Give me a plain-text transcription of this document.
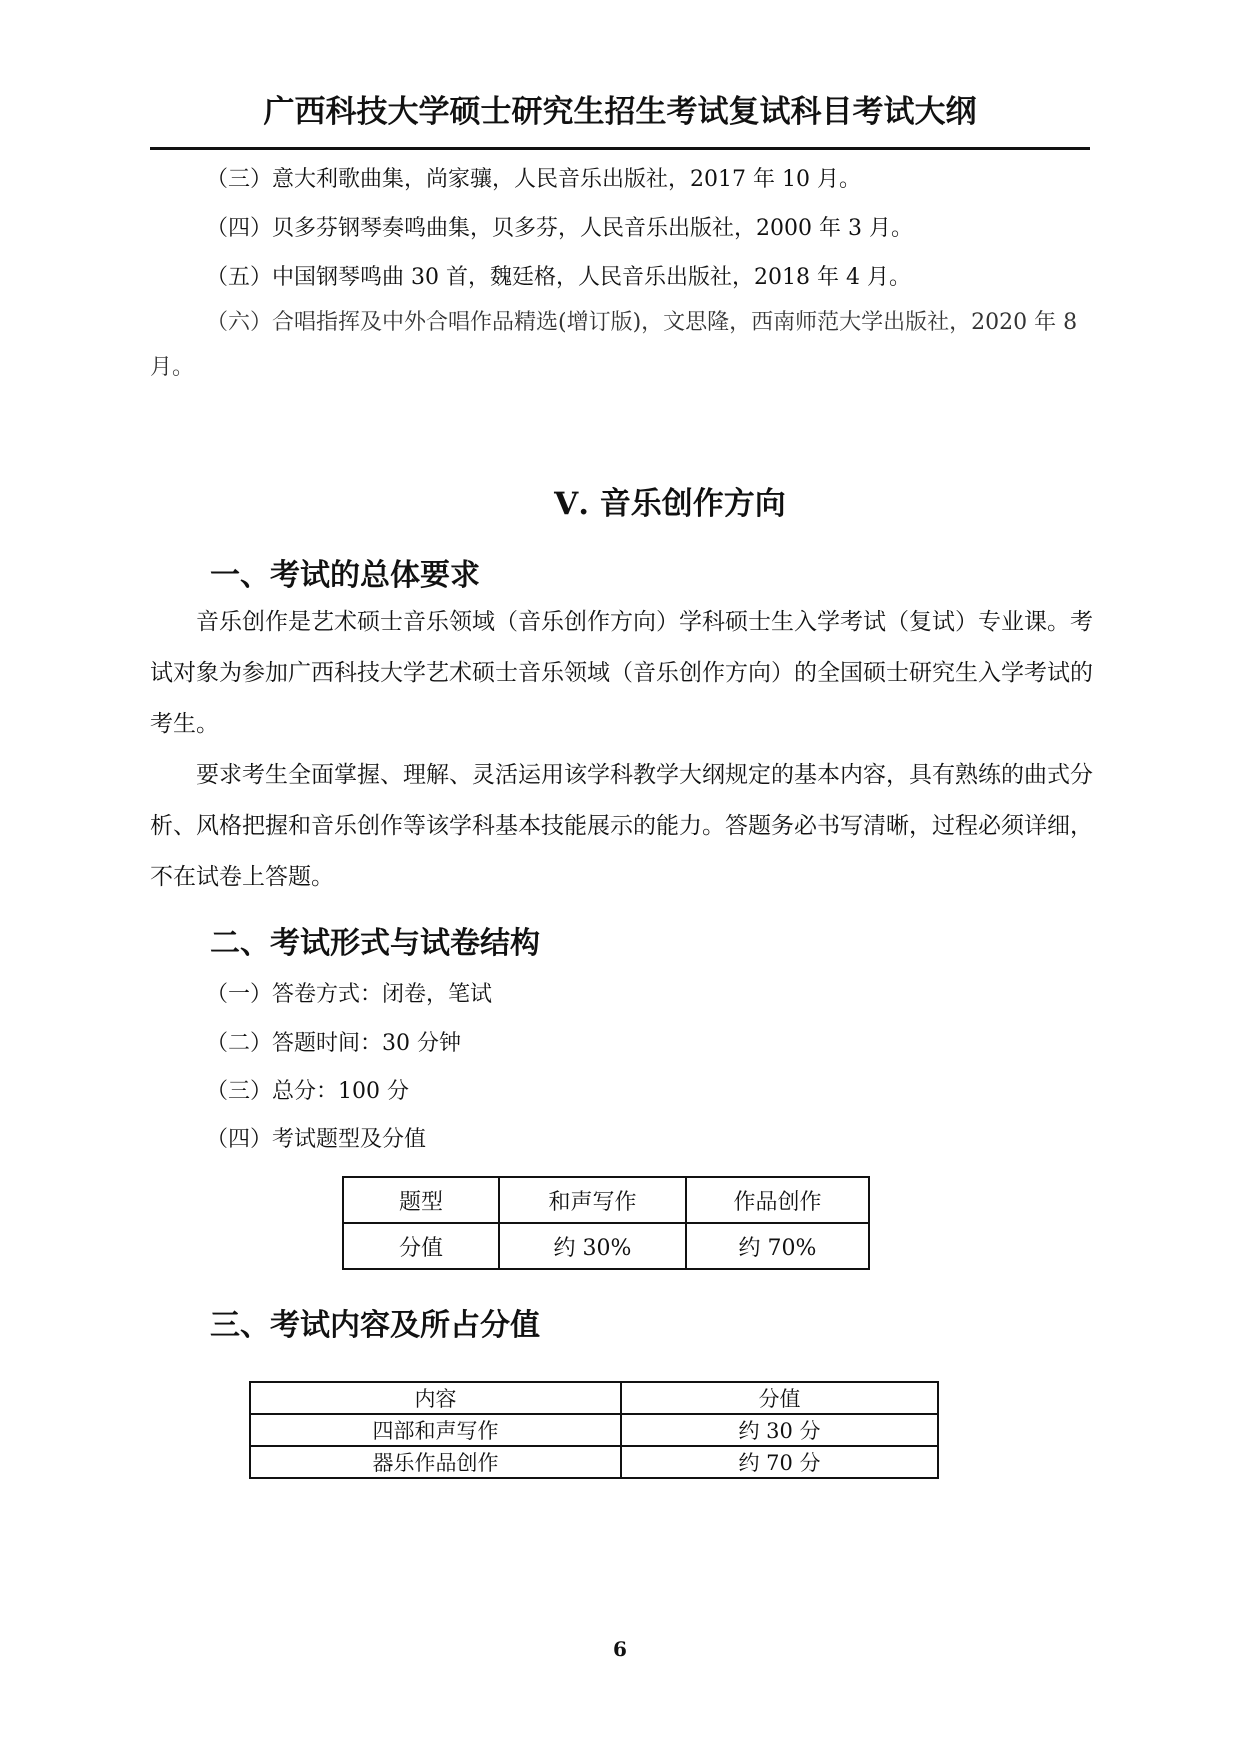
广西科技大学硕士研究生招生考试复试科目考试大纲
（三）意大利歌曲集，尚家骧，人民音乐出版社，2017 年 10 月。
（四）贝多芬钢琴奏鸣曲集，贝多芬，人民音乐出版社，2000 年 3 月。
（五）中国钢琴鸣曲 30 首，魏廷格，人民音乐出版社，2018 年 4 月。
（六）合唱指挥及中外合唱作品精选(增订版)，文思隆，西南师范大学出版社，2020 年 8 月。
Ⅴ. 音乐创作方向
一、考试的总体要求
音乐创作是艺术硕士音乐领域（音乐创作方向）学科硕士生入学考试（复试）专业课。考试对象为参加广西科技大学艺术硕士音乐领域（音乐创作方向）的全国硕士研究生入学考试的考生。
要求考生全面掌握、理解、灵活运用该学科教学大纲规定的基本内容，具有熟练的曲式分析、风格把握和音乐创作等该学科基本技能展示的能力。答题务必书写清晰，过程必须详细，不在试卷上答题。
二、考试形式与试卷结构
（一）答卷方式：闭卷，笔试
（二）答题时间：30 分钟
（三）总分：100 分
（四）考试题型及分值
题型	和声写作	作品创作
分值	约 30%	约 70%
三、考试内容及所占分值
内容	分值
四部和声写作	约 30 分
器乐作品创作	约 70 分
6
